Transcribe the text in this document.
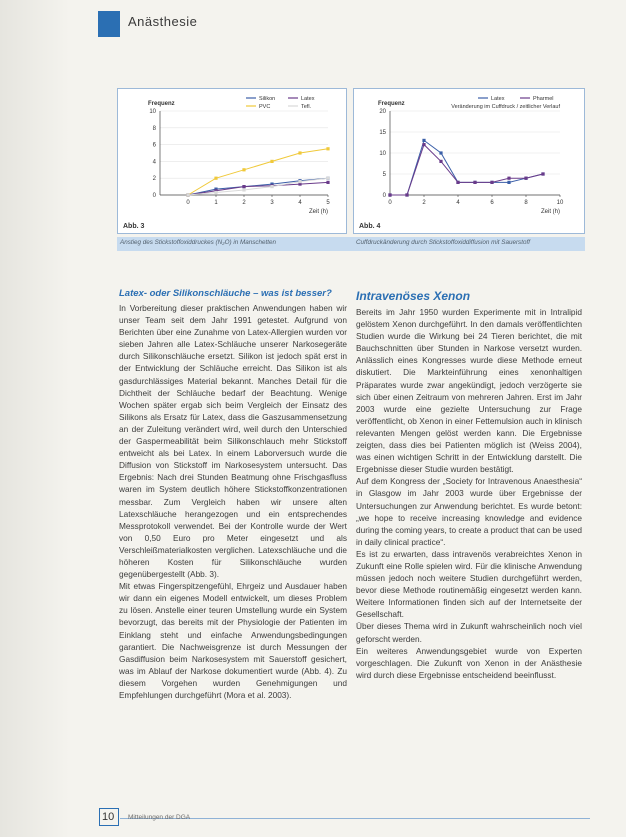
Anästhesie
0
2
4
6
8
10
0	1	2	3	4	5
Frequenz
Zeit (h)
Silikon	Latex
PVC	Tefl.
Abb. 3
0
5
10
15
20
0	2	4	6	8	10
Frequenz
Zeit (h)
Latex	Pharmel
Veränderung im Cuffdruck / zeitlicher Verlauf
Abb. 4
Anstieg des Stickstoffoxiddruckes (N₂O) in Manschetten	Cuffdruckänderung durch Stickstoffoxiddiffusion mit Sauerstoff
Latex- oder Silikonschläuche – was ist besser?

In Vorbereitung dieser praktischen Anwendungen haben wir unser Team seit dem Jahr 1991 getestet. Aufgrund von Berichten über eine Zunahme von Latex-Allergien wurden vor sieben Jahren alle Latex-Schläuche unserer Narkosegeräte durch Silikonschläuche ersetzt. Silikon ist jedoch spät erst in der Entwicklung der Schläuche erreicht. Das Silikon ist als gasdurchlässiges Material bekannt. Manches Detail für die Dichtheit der Schläuche bedarf der Beachtung. Wenige Wochen später ergab sich beim Vergleich der Einsatz des Silikons als Ersatz für Latex, dass die Gaszusammensetzung an der Zuleitung verändert wird, weil durch den Unterschied der Gaspermeabilität beim Silikonschlauch mehr Stickstoff entweicht als bei Latex. In einem Laborversuch wurde die Diffusion von Stickstoff im Narkosesystem untersucht. Das Ergebnis: Nach drei Stunden Beatmung ohne Frischgasfluss waren im System deutlich höhere Stickstoffkonzentrationen messbar. Zum Vergleich haben wir unsere alten Latexschläuche herangezogen und ein entsprechendes Messprotokoll verwendet. Bei der Kontrolle wurde der Wert von 0,50 Euro pro Meter eingesetzt und als Verschleißmaterialkosten verglichen. Latexschläuche und die höheren Kosten für Silikonschläuche wurden gegenübergestellt (Abb. 3).

Mit etwas Fingerspitzengefühl, Ehrgeiz und Ausdauer haben wir dann ein eigenes Modell entwickelt, um dieses Problem zu lösen. Anstelle einer teuren Umstellung wurde ein System bevorzugt, das bereits mit der Physiologie der Patienten im Einklang steht und einfache Anwendungsbedingungen garantiert. Die Nachweisgrenze ist durch Messungen der Gasdiffusion beim Narkosesystem mit Sauerstoff gesichert, was im Ablauf der Narkose dokumentiert wurde (Abb. 4). Zu diesem Vorgehen wurden Genehmigungen und Empfehlungen durchgeführt (Mora et al. 2003).

Intravenöses Xenon

Bereits im Jahr 1950 wurden Experimente mit in Intralipid gelöstem Xenon durchgeführt. In den damals veröffentlichten Studien wurde die Wirkung bei 24 Tieren berichtet, die mit Bauchschnitten über Stunden in Narkose versetzt wurden. Anlässlich eines Kongresses wurde diese Methode erneut diskutiert. Die Markteinführung eines xenonhaltigen Präparates wurde zwar angekündigt, jedoch verzögerte sie sich über einen Zeitraum von mehreren Jahren. Erst im Jahr 2003 wurde eine gezielte Untersuchung zur Frage veröffentlicht, ob Xenon in einer Fettemulsion auch in klinisch relevanten Mengen gelöst werden kann. Die Ergebnisse zeigten, dass dies bei Patienten möglich ist (Weiss 2004), was einen wichtigen Schritt in der Entwicklung darstellt. Die Ergebnisse dieser Studie wurden bestätigt.

Auf dem Kongress der „Society for Intravenous Anaesthesia“ in Glasgow im Jahr 2003 wurde über Ergebnisse der Untersuchungen zur Anwendung berichtet. Es wurde betont: „we hope to receive increasing knowledge and evidence during the coming years, to create a product that can be used in daily clinical practice“.

Es ist zu erwarten, dass intravenös verabreichtes Xenon in Zukunft eine Rolle spielen wird. Für die klinische Anwendung müssen jedoch noch weitere Studien durchgeführt werden, bevor diese Methode routinemäßig eingesetzt werden kann. Weitere Informationen finden sich auf der Internetseite der Gesellschaft.

Über dieses Thema wird in Zukunft wahrscheinlich noch viel geforscht werden.

Ein weiteres Anwendungsgebiet wurde von Experten vorgeschlagen. Die Zukunft von Xenon in der Anästhesie wird durch diese Ergebnisse entscheidend beeinflusst.

10 Mitteilungen der DGA
